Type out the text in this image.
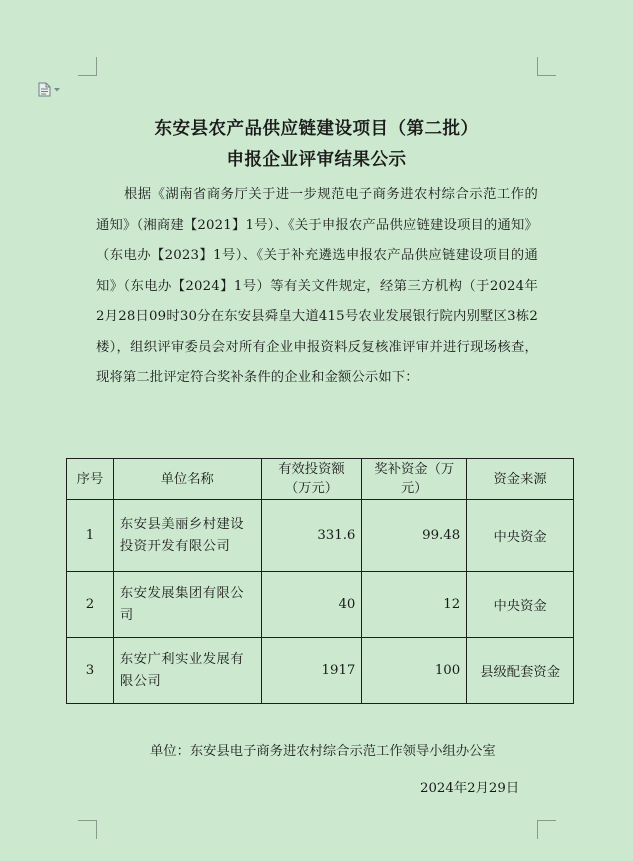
东安县农产品供应链建设项目（第二批）
申报企业评审结果公示
根据《湖南省商务厅关于进一步规范电子商务进农村综合示范工作的通知》（湘商建【2021】1号）、《关于申报农产品供应链建设项目的通知》（东电办【2023】1号）、《关于补充遴选申报农产品供应链建设项目的通知》（东电办【2024】1号）等有关文件规定，经第三方机构（于2024年2月28日09时30分在东安县舜皇大道415号农业发展银行院内别墅区3栋2楼），组织评审委员会对所有企业申报资料反复核准评审并进行现场核查，现将第二批评定符合奖补条件的企业和金额公示如下：
序号	单位名称	有效投资额（万元）	奖补资金（万元）	资金来源

1	东安县美丽乡村建设投资开发有限公司	331.6	99.48	中央资金
2	东安发展集团有限公司	40	12	中央资金
3	东安广利实业发展有限公司	1917	100	县级配套资金
单位：东安县电子商务进农村综合示范工作领导小组办公室
2024年2月29日
